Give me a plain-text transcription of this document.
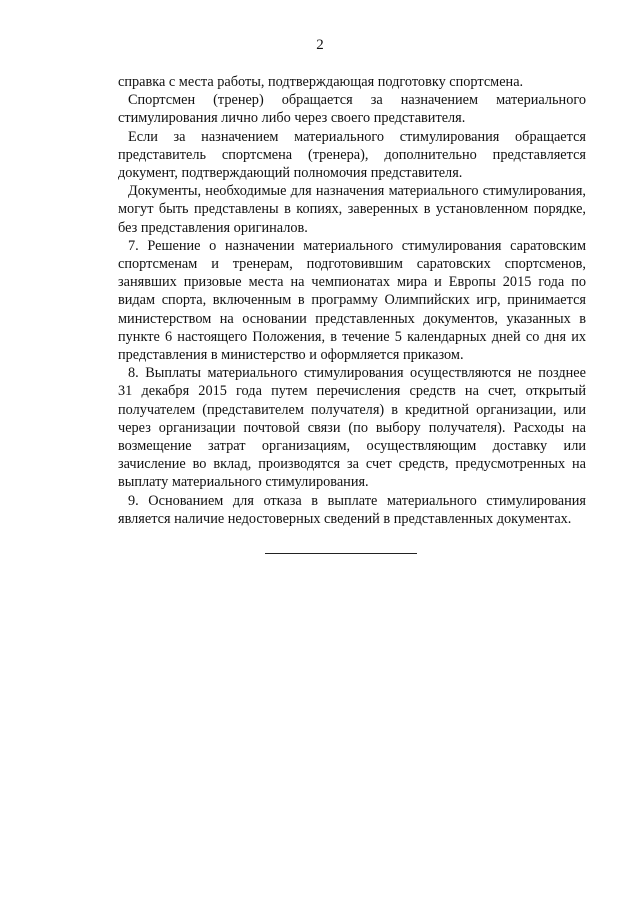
2

справка с места работы, подтверждающая подготовку спортсмена.

Спортсмен (тренер) обращается за назначением материального стимулирования лично либо через своего представителя.

Если за назначением материального стимулирования обращается представитель спортсмена (тренера), дополнительно представляется документ, подтверждающий полномочия представителя.

Документы, необходимые для назначения материального стимулирования, могут быть представлены в копиях, заверенных в установленном порядке, без представления оригиналов.

7. Решение о назначении материального стимулирования саратовским спортсменам и тренерам, подготовившим саратовских спортсменов, занявших призовые места на чемпионатах мира и Европы 2015 года по видам спорта, включенным в программу Олимпийских игр, принимается министерством на основании представленных документов, указанных в пункте 6 настоящего Положения, в течение 5 календарных дней со дня их представления в министерство и оформляется приказом.

8. Выплаты материального стимулирования осуществляются не позднее 31 декабря 2015 года путем перечисления средств на счет, открытый получателем (представителем получателя) в кредитной организации, или через организации почтовой связи (по выбору получателя). Расходы на возмещение затрат организациям, осуществляющим доставку или зачисление во вклад, производятся за счет средств, предусмотренных на выплату материального стимулирования.

9. Основанием для отказа в выплате материального стимулирования является наличие недостоверных сведений в представленных документах.
